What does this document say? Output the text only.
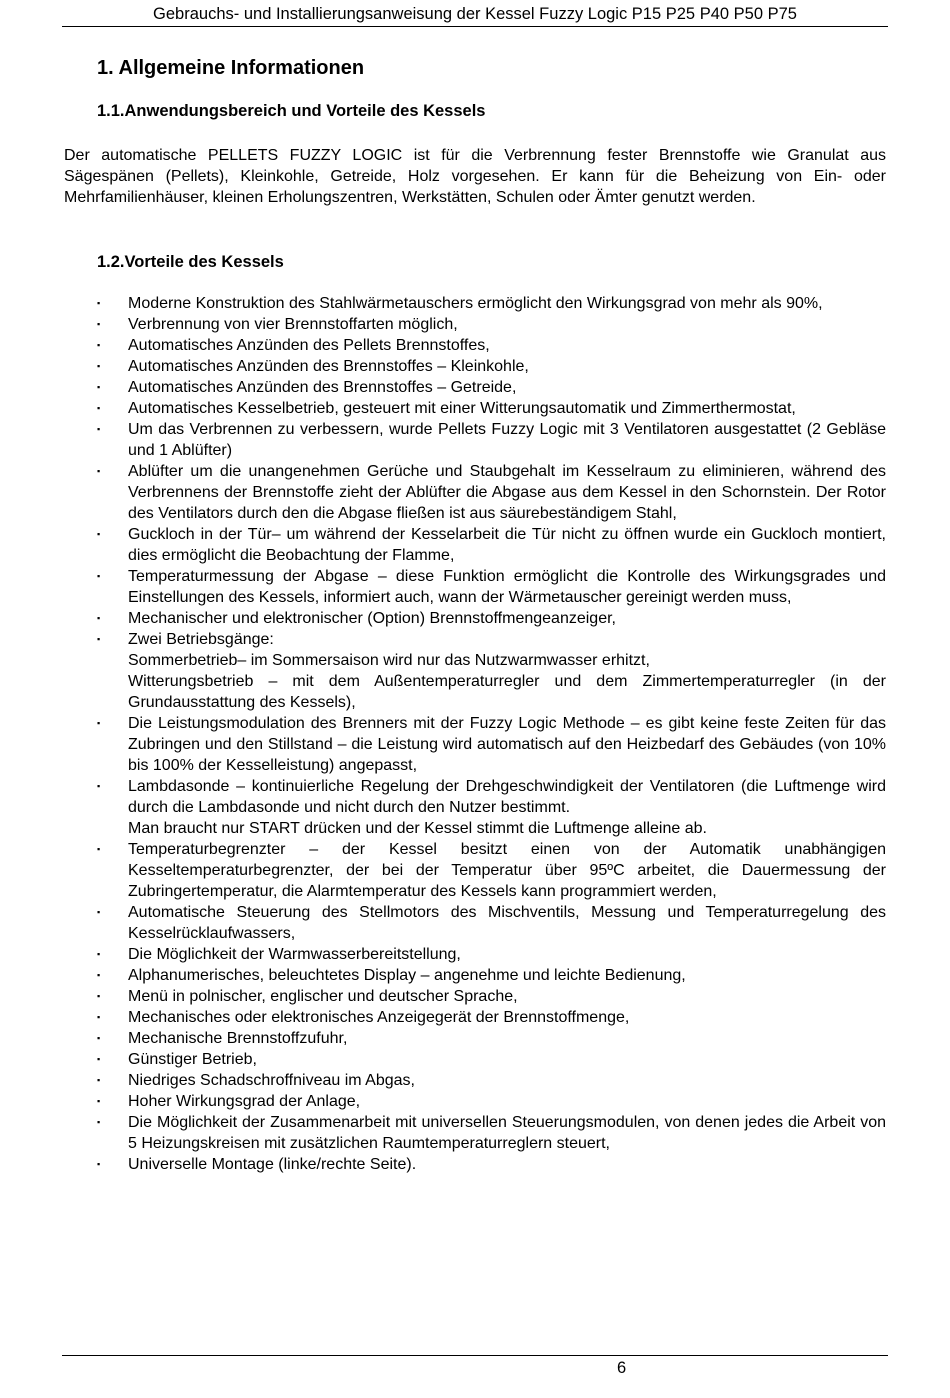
Gebrauchs- und Installierungsanweisung der Kessel Fuzzy Logic P15 P25 P40 P50 P75
1. Allgemeine Informationen
1.1.Anwendungsbereich und Vorteile des Kessels

Der automatische PELLETS FUZZY LOGIC ist für die Verbrennung fester Brennstoffe wie Granulat aus Sägespänen (Pellets), Kleinkohle, Getreide, Holz vorgesehen. Er kann für die Beheizung von Ein- oder Mehrfamilienhäuser, kleinen Erholungszentren, Werkstätten, Schulen oder Ämter genutzt werden.

1.2.Vorteile des Kessels
▪ Moderne Konstruktion des Stahlwärmetauschers ermöglicht den Wirkungsgrad von mehr als 90%,
▪ Verbrennung von vier Brennstoffarten möglich,
▪ Automatisches Anzünden des Pellets Brennstoffes,
▪ Automatisches Anzünden des Brennstoffes – Kleinkohle,
▪ Automatisches Anzünden des Brennstoffes – Getreide,
▪ Automatisches Kesselbetrieb, gesteuert mit einer Witterungsautomatik und Zimmerthermostat,
▪ Um das Verbrennen zu verbessern, wurde Pellets Fuzzy Logic mit 3 Ventilatoren ausgestattet (2 Gebläse und 1 Ablüfter)
▪ Ablüfter um die unangenehmen Gerüche und Staubgehalt im Kesselraum zu eliminieren, während des Verbrennens der Brennstoffe zieht der Ablüfter die Abgase aus dem Kessel in den Schornstein. Der Rotor des Ventilators durch den die Abgase fließen ist aus säurebeständigem Stahl,
▪ Guckloch in der Tür– um während der Kesselarbeit die Tür nicht zu öffnen wurde ein Guckloch montiert, dies ermöglicht die Beobachtung der Flamme,
▪ Temperaturmessung der Abgase – diese Funktion ermöglicht die Kontrolle des Wirkungsgrades und Einstellungen des Kessels, informiert auch, wann der Wärmetauscher gereinigt werden muss,
▪ Mechanischer und elektronischer (Option) Brennstoffmengeanzeiger,
▪ Zwei Betriebsgänge:
Sommerbetrieb– im Sommersaison wird nur das Nutzwarmwasser erhitzt,
Witterungsbetrieb – mit dem Außentemperaturregler und dem Zimmertemperaturregler (in der Grundausstattung des Kessels),
▪ Die Leistungsmodulation des Brenners mit der Fuzzy Logic Methode – es gibt keine feste Zeiten für das Zubringen und den Stillstand – die Leistung wird automatisch auf den Heizbedarf des Gebäudes (von 10% bis 100% der Kesselleistung) angepasst,
▪ Lambdasonde – kontinuierliche Regelung der Drehgeschwindigkeit der Ventilatoren (die Luftmenge wird durch die Lambdasonde und nicht durch den Nutzer bestimmt.
Man braucht nur START drücken und der Kessel stimmt die Luftmenge alleine ab.
▪ Temperaturbegrenzter – der Kessel besitzt einen von der Automatik unabhängigen Kesseltemperaturbegrenzter, der bei der Temperatur über 95ºC arbeitet, die Dauermessung der Zubringertemperatur, die Alarmtemperatur des Kessels kann programmiert werden,
▪ Automatische Steuerung des Stellmotors des Mischventils, Messung und Temperaturregelung des Kesselrücklaufwassers,
▪ Die Möglichkeit der Warmwasserbereitstellung,
▪ Alphanumerisches, beleuchtetes Display – angenehme und leichte Bedienung,
▪ Menü in polnischer, englischer und deutscher Sprache,
▪ Mechanisches oder elektronisches Anzeigegerät der Brennstoffmenge,
▪ Mechanische Brennstoffzufuhr,
▪ Günstiger Betrieb,
▪ Niedriges Schadschroffniveau im Abgas,
▪ Hoher Wirkungsgrad der Anlage,
▪ Die Möglichkeit der Zusammenarbeit mit universellen Steuerungsmodulen, von denen jedes die Arbeit von 5 Heizungskreisen mit zusätzlichen Raumtemperaturreglern steuert,
▪ Universelle Montage (linke/rechte Seite).
6
